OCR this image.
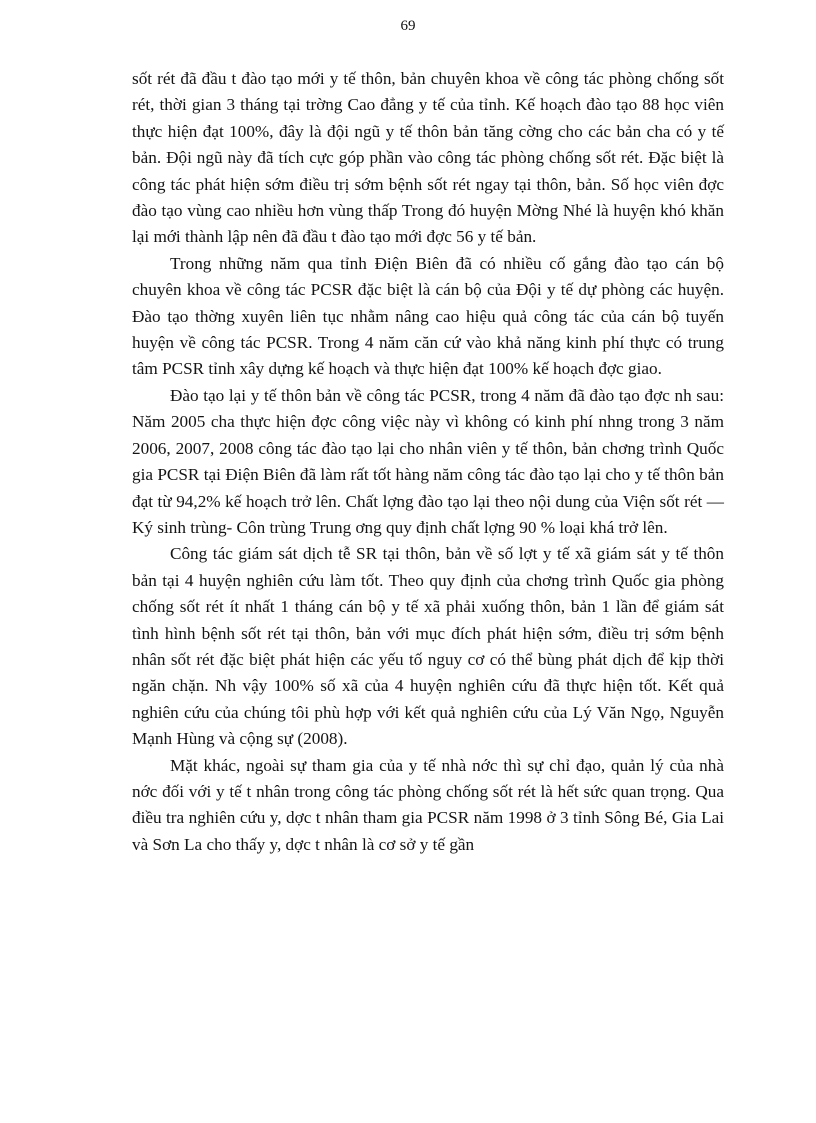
69

sốt rét đã đầu t đào tạo mới y tế thôn, bản chuyên khoa về công tác phòng chống sốt rét, thời gian 3 tháng tại trờng Cao đẳng y tế của tỉnh. Kế hoạch đào tạo 88 học viên thực hiện đạt 100%, đây là đội ngũ y tế thôn bản tăng cờng cho các bản cha có y tế bản. Đội ngũ này đã tích cực góp phần vào công tác phòng chống sốt rét. Đặc biệt là công tác phát hiện sớm điều trị sớm bệnh sốt rét ngay tại thôn, bản. Số học viên đợc đào tạo vùng cao nhiều hơn vùng thấp Trong đó huyện Mờng Nhé là huyện khó khăn lại mới thành lập nên đã đầu t đào tạo mới đợc 56 y tế bản.

Trong những năm qua tỉnh Điện Biên đã có nhiều cố gắng đào tạo cán bộ chuyên khoa về công tác PCSR đặc biệt là cán bộ của Đội y tế dự phòng các huyện. Đào tạo thờng xuyên liên tục nhằm nâng cao hiệu quả công tác của cán bộ tuyến huyện về công tác PCSR. Trong 4 năm căn cứ vào khả năng kinh phí thực có trung tâm PCSR tỉnh xây dựng kế hoạch và thực hiện đạt 100% kế hoạch đợc giao.

Đào tạo lại y tế thôn bản về công tác PCSR, trong 4 năm đã đào tạo đợc nh sau: Năm 2005 cha thực hiện đợc công việc này vì không có kinh phí nhng trong 3 năm 2006, 2007, 2008 công tác đào tạo lại cho nhân viên y tế thôn, bản chơng trình Quốc gia PCSR tại Điện Biên đã làm rất tốt hàng năm công tác đào tạo lại cho y tế thôn bản đạt từ 94,2% kế hoạch trở lên. Chất lợng đào tạo lại theo nội dung của Viện sốt rét — Ký sinh trùng- Côn trùng Trung ơng quy định chất lợng 90 % loại khá trở lên.

Công tác giám sát dịch tễ SR tại thôn, bản về số lợt y tế xã giám sát y tế thôn bản tại 4 huyện nghiên cứu làm tốt. Theo quy định của chơng trình Quốc gia phòng chống sốt rét ít nhất 1 tháng cán bộ y tế xã phải xuống thôn, bản 1 lần để giám sát tình hình bệnh sốt rét tại thôn, bản với mục đích phát hiện sớm, điều trị sớm bệnh nhân sốt rét đặc biệt phát hiện các yếu tố nguy cơ có thể bùng phát dịch để kịp thời ngăn chặn. Nh vậy 100% số xã của 4 huyện nghiên cứu đã thực hiện tốt. Kết quả nghiên cứu của chúng tôi phù hợp với kết quả nghiên cứu của Lý Văn Ngọ, Nguyễn Mạnh Hùng và cộng sự (2008).

Mặt khác, ngoài sự tham gia của y tế nhà nớc thì sự chỉ đạo, quản lý của nhà nớc đối với y tế t nhân trong công tác phòng chống sốt rét là hết sức quan trọng. Qua điều tra nghiên cứu y, dợc t nhân tham gia PCSR năm 1998 ở 3 tỉnh Sông Bé, Gia Lai và Sơn La cho thấy y, dợc t nhân là cơ sở y tế gần
